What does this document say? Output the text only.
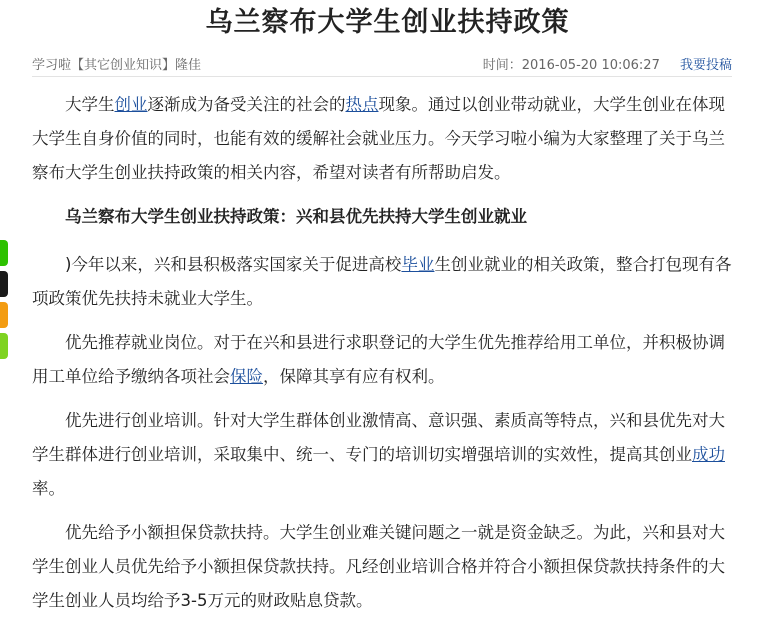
乌兰察布大学生创业扶持政策
学习啦【其它创业知识】隆佳	时间：2016-05-20 10:06:27 我要投稿

大学生创业逐渐成为备受关注的社会的热点现象。通过以创业带动就业，大学生创业在体现大学生自身价值的同时，也能有效的缓解社会就业压力。今天学习啦小编为大家整理了关于乌兰察布大学生创业扶持政策的相关内容，希望对读者有所帮助启发。

乌兰察布大学生创业扶持政策：兴和县优先扶持大学生创业就业

)今年以来，兴和县积极落实国家关于促进高校毕业生创业就业的相关政策，整合打包现有各项政策优先扶持未就业大学生。

优先推荐就业岗位。对于在兴和县进行求职登记的大学生优先推荐给用工单位，并积极协调用工单位给予缴纳各项社会保险，保障其享有应有权利。

优先进行创业培训。针对大学生群体创业激情高、意识强、素质高等特点，兴和县优先对大学生群体进行创业培训，采取集中、统一、专门的培训切实增强培训的实效性，提高其创业成功率。

优先给予小额担保贷款扶持。大学生创业难关键问题之一就是资金缺乏。为此，兴和县对大学生创业人员优先给予小额担保贷款扶持。凡经创业培训合格并符合小额担保贷款扶持条件的大学生创业人员均给予3-5万元的财政贴息贷款。
